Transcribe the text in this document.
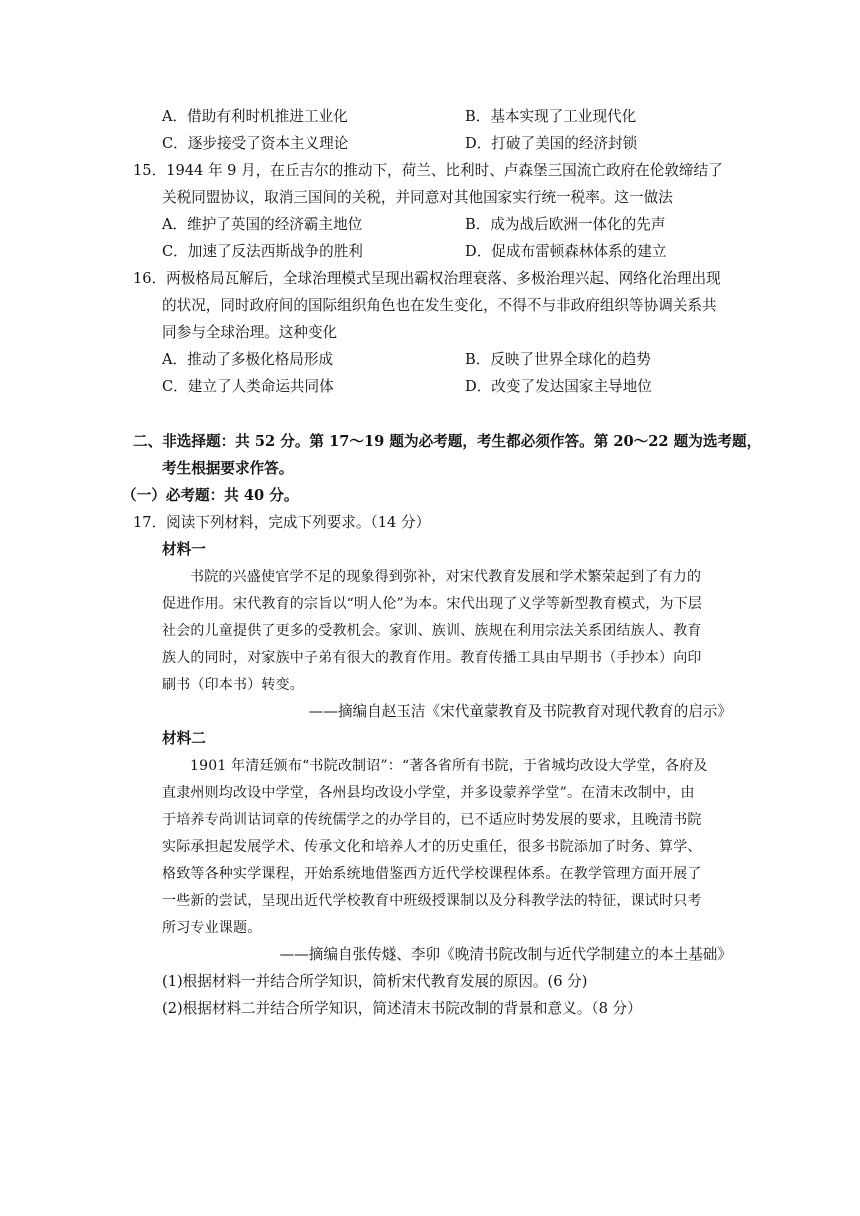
A．借助有利时机推进工业化	B．基本实现了工业现代化
C．逐步接受了资本主义理论	D．打破了美国的经济封锁
15．1944 年 9 月，在丘吉尔的推动下，荷兰、比利时、卢森堡三国流亡政府在伦敦缔结了
关税同盟协议，取消三国间的关税，并同意对其他国家实行统一税率。这一做法
A．维护了英国的经济霸主地位	B．成为战后欧洲一体化的先声
C．加速了反法西斯战争的胜利	D．促成布雷顿森林体系的建立
16．两极格局瓦解后，全球治理模式呈现出霸权治理衰落、多极治理兴起、网络化治理出现
的状况，同时政府间的国际组织角色也在发生变化，不得不与非政府组织等协调关系共
同参与全球治理。这种变化
A．推动了多极化格局形成	B．反映了世界全球化的趋势
C．建立了人类命运共同体	D．改变了发达国家主导地位
二、非选择题：共 52 分。第 17～19 题为必考题，考生都必须作答。第 20～22 题为选考题，
考生根据要求作答。
（一）必考题：共 40 分。
17．阅读下列材料，完成下列要求。（14 分）
材料一
书院的兴盛使官学不足的现象得到弥补，对宋代教育发展和学术繁荣起到了有力的
促进作用。宋代教育的宗旨以“明人伦”为本。宋代出现了义学等新型教育模式，为下层
社会的儿童提供了更多的受教机会。家训、族训、族规在利用宗法关系团结族人、教育
族人的同时，对家族中子弟有很大的教育作用。教育传播工具由早期书（手抄本）向印
刷书（印本书）转变。
——摘编自赵玉洁《宋代童蒙教育及书院教育对现代教育的启示》
材料二
1901 年清廷颁布“书院改制诏”：“著各省所有书院，于省城均改设大学堂，各府及
直隶州则均改设中学堂，各州县均改设小学堂，并多设蒙养学堂”。在清末改制中，由
于培养专尚训诂词章的传统儒学之的办学目的，已不适应时势发展的要求，且晚清书院
实际承担起发展学术、传承文化和培养人才的历史重任，很多书院添加了时务、算学、
格致等各种实学课程，开始系统地借鉴西方近代学校课程体系。在教学管理方面开展了
一些新的尝试，呈现出近代学校教育中班级授课制以及分科教学法的特征，课试时只考
所习专业课题。
——摘编自张传燧、李卯《晚清书院改制与近代学制建立的本土基础》
(1)根据材料一并结合所学知识，简析宋代教育发展的原因。(6 分)
(2)根据材料二并结合所学知识，简述清末书院改制的背景和意义。（8 分）
